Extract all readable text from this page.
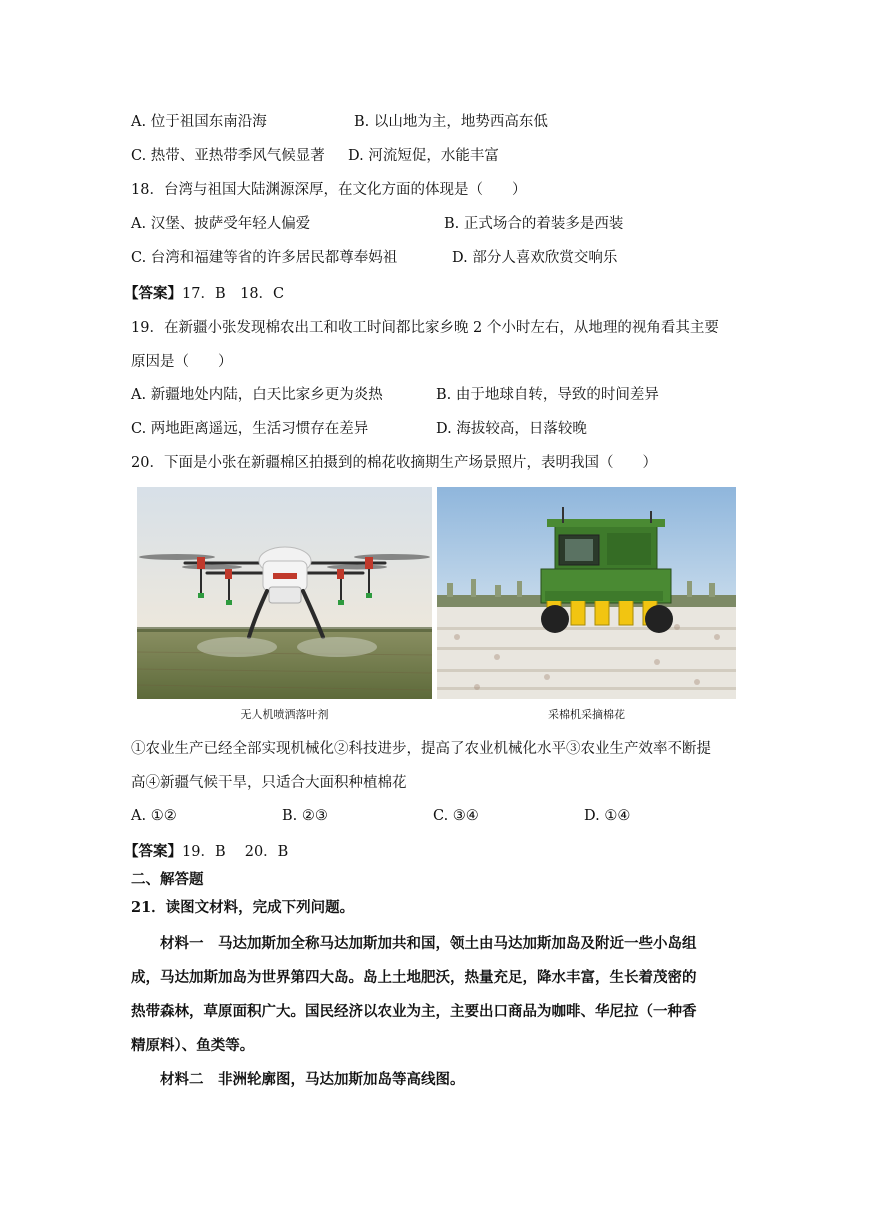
A. 位于祖国东南沿海	B. 以山地为主，地势西高东低
C. 热带、亚热带季风气候显著 D. 河流短促，水能丰富
18．台湾与祖国大陆渊源深厚，在文化方面的体现是（　　）
A. 汉堡、披萨受年轻人偏爱	B. 正式场合的着装多是西装
C. 台湾和福建等省的许多居民都尊奉妈祖	D. 部分人喜欢欣赏交响乐
【答案】17．B　18．C
19．在新疆小张发现棉农出工和收工时间都比家乡晚 2 个小时左右，从地理的视角看其主要
原因是（　　）
A. 新疆地处内陆，白天比家乡更为炎热	B. 由于地球自转，导致的时间差异
C. 两地距离遥远，生活习惯存在差异	D. 海拔较高，日落较晚
20．下面是小张在新疆棉区拍摄到的棉花收摘期生产场景照片，表明我国（　　）
无人机喷洒落叶剂	采棉机采摘棉花
①农业生产已经全部实现机械化②科技进步，提高了农业机械化水平③农业生产效率不断提
高④新疆气候干旱，只适合大面积种植棉花
A. ①②	B. ②③	C. ③④	D. ①④
【答案】19．B　 20．B
二、解答题
21．读图文材料，完成下列问题。
材料一　马达加斯加全称马达加斯加共和国，领土由马达加斯加岛及附近一些小岛组
成，马达加斯加岛为世界第四大岛。岛上土地肥沃，热量充足，降水丰富，生长着茂密的
热带森林，草原面积广大。国民经济以农业为主，主要出口商品为咖啡、华尼拉（一种香
精原料）、鱼类等。
材料二　非洲轮廓图，马达加斯加岛等高线图。
